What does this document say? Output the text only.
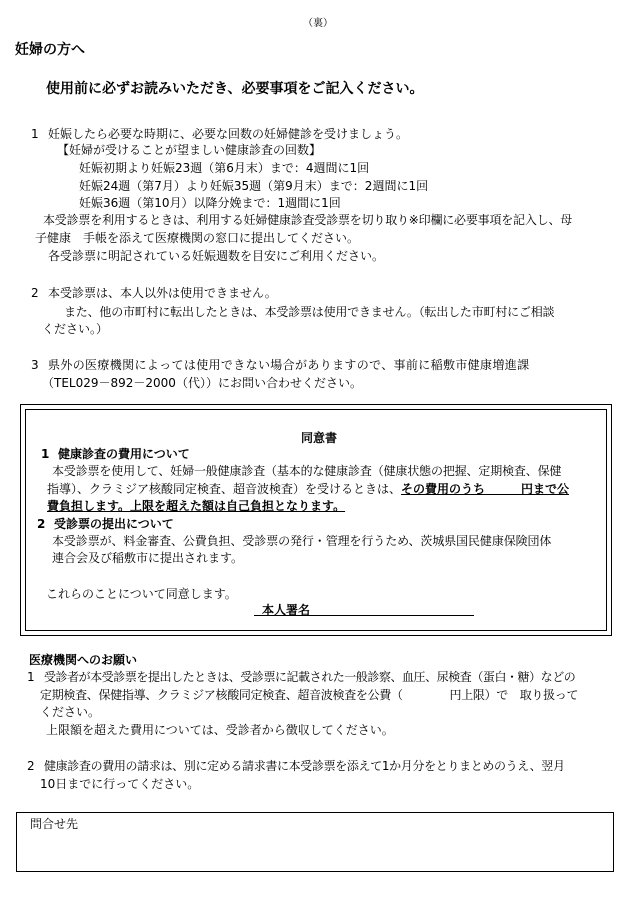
（裏）
妊婦の方へ
使用前に必ずお読みいただき、必要事項をご記入ください。
1 妊娠したら必要な時期に、必要な回数の妊婦健診を受けましょう。
【妊婦が受けることが望ましい健康診査の回数】
妊娠初期より妊娠23週（第6月末）まで：4週間に1回
妊娠24週（第7月）より妊娠35週（第9月末）まで：2週間に1回
妊娠36週（第10月）以降分娩まで：1週間に1回
本受診票を利用するときは、利用する妊婦健康診査受診票を切り取り※印欄に必要事項を記入し、母
子健康　手帳を添えて医療機関の窓口に提出してください。
各受診票に明記されている妊娠週数を目安にご利用ください。
2 本受診票は、本人以外は使用できません。
また、他の市町村に転出したときは、本受診票は使用できません。（転出した市町村にご相談
ください。）
3 県外の医療機関によっては使用できない場合がありますので、事前に稲敷市健康増進課
（TEL029－892－2000（代））にお問い合わせください。
同意書
1 健康診査の費用について
本受診票を使用して、妊婦一般健康診査（基本的な健康診査（健康状態の把握、定期検査、保健
指導）、クラミジア核酸同定検査、超音波検査）を受けるときは、その費用のうち　　　円まで公
費負担します。上限を超えた額は自己負担となります。
2 受診票の提出について
本受診票が、料金審査、公費負担、受診票の発行・管理を行うため、茨城県国民健康保険団体
連合会及び稲敷市に提出されます。
これらのことについて同意します。
本人署名
医療機関へのお願い
1 受診者が本受診票を提出したときは、受診票に記載された一般診察、血圧、尿検査（蛋白・糖）などの
定期検査、保健指導、クラミジア核酸同定検査、超音波検査を公費（　　　　円上限）で　取り扱って
ください。
上限額を超えた費用については、受診者から徴収してください。
2 健康診査の費用の請求は、別に定める請求書に本受診票を添えて1か月分をとりまとめのうえ、翌月
10日までに行ってください。
問合せ先
